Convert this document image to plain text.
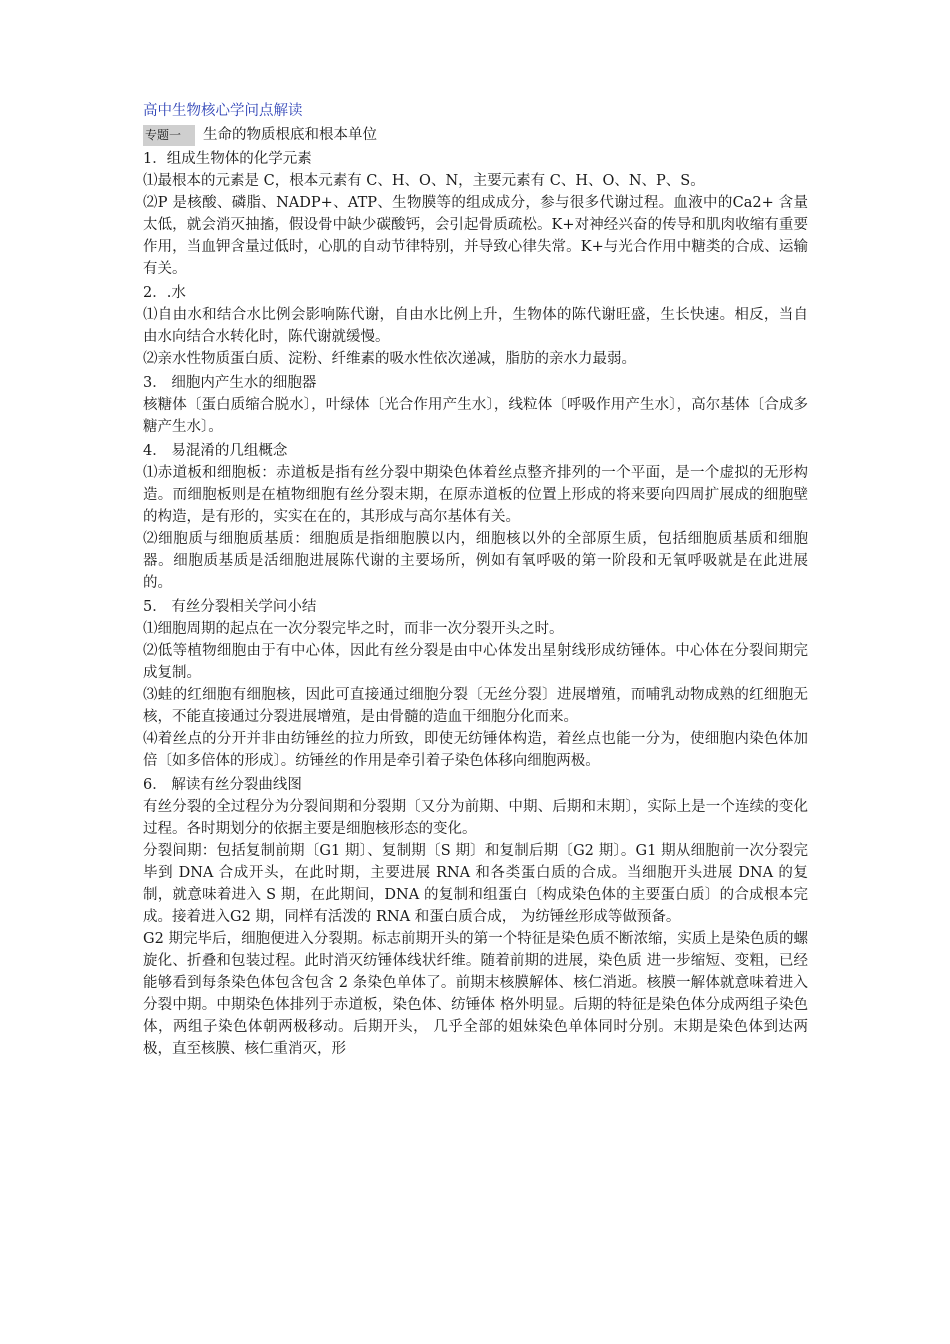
高中生物核心学问点解读
专题一	生命的物质根底和根本单位

1．组成生物体的化学元素

⑴最根本的元素是 C，根本元素有 C、H、O、N，主要元素有 C、H、O、N、P、S。

⑵P 是核酸、磷脂、NADP+、ATP、生物膜等的组成成分，参与很多代谢过程。血液中的Ca2+ 含量太低，就会消灭抽搐，假设骨中缺少碳酸钙，会引起骨质疏松。K+对神经兴奋的传导和肌肉收缩有重要作用，当血钾含量过低时，心肌的自动节律特别，并导致心律失常。K+与光合作用中糖类的合成、运输有关。

2．.水

⑴自由水和结合水比例会影响陈代谢，自由水比例上升，生物体的陈代谢旺盛，生长快速。相反，当自由水向结合水转化时，陈代谢就缓慢。

⑵亲水性物质蛋白质、淀粉、纤维素的吸水性依次递减，脂肪的亲水力最弱。

3． 细胞内产生水的细胞器

核糖体〔蛋白质缩合脱水〕，叶绿体〔光合作用产生水〕，线粒体〔呼吸作用产生水〕，高尔基体〔合成多糖产生水〕。

4． 易混淆的几组概念

⑴赤道板和细胞板：赤道板是指有丝分裂中期染色体着丝点整齐排列的一个平面，是一个虚拟的无形构造。而细胞板则是在植物细胞有丝分裂末期，在原赤道板的位置上形成的将来要向四周扩展成的细胞壁的构造，是有形的，实实在在的，其形成与高尔基体有关。

⑵细胞质与细胞质基质：细胞质是指细胞膜以内，细胞核以外的全部原生质，包括细胞质基质和细胞器。细胞质基质是活细胞进展陈代谢的主要场所，例如有氧呼吸的第一阶段和无氧呼吸就是在此进展的。

5． 有丝分裂相关学问小结

⑴细胞周期的起点在一次分裂完毕之时，而非一次分裂开头之时。

⑵低等植物细胞由于有中心体，因此有丝分裂是由中心体发出星射线形成纺锤体。中心体在分裂间期完成复制。

⑶蛙的红细胞有细胞核，因此可直接通过细胞分裂〔无丝分裂〕进展增殖，而哺乳动物成熟的红细胞无核，不能直接通过分裂进展增殖，是由骨髓的造血干细胞分化而来。

⑷着丝点的分开并非由纺锤丝的拉力所致，即使无纺锤体构造，着丝点也能一分为，使细胞内染色体加倍〔如多倍体的形成〕。纺锤丝的作用是牵引着子染色体移向细胞两极。

6． 解读有丝分裂曲线图

有丝分裂的全过程分为分裂间期和分裂期〔又分为前期、中期、后期和末期〕，实际上是一个连续的变化过程。各时期划分的依据主要是细胞核形态的变化。

分裂间期：包括复制前期〔G1 期〕、复制期〔S 期〕和复制后期〔G2 期〕。G1 期从细胞前一次分裂完毕到 DNA 合成开头，在此时期，主要进展 RNA 和各类蛋白质的合成。当细胞开头进展 DNA 的复制，就意味着进入 S 期，在此期间，DNA 的复制和组蛋白〔构成染色体的主要蛋白质〕的合成根本完成。接着进入G2 期，同样有活泼的 RNA 和蛋白质合成， 为纺锤丝形成等做预备。

G2 期完毕后，细胞便进入分裂期。标志前期开头的第一个特征是染色质不断浓缩，实质上是染色质的螺旋化、折叠和包装过程。此时消灭纺锤体线状纤维。随着前期的进展，染色质 进一步缩短、变粗，已经能够看到每条染色体包含包含 2 条染色单体了。前期末核膜解体、核仁消逝。核膜一解体就意味着进入分裂中期。中期染色体排列于赤道板，染色体、纺锤体 格外明显。后期的特征是染色体分成两组子染色体，两组子染色体朝两极移动。后期开头， 几乎全部的姐妹染色单体同时分别。末期是染色体到达两极，直至核膜、核仁重消灭，形
